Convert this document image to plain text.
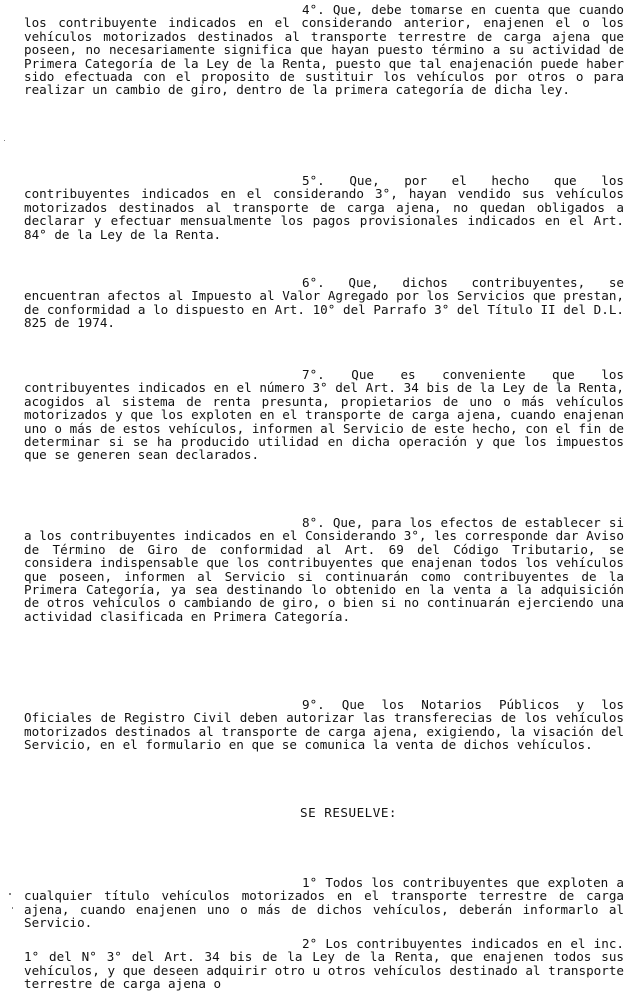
4°. Que, debe tomarse en cuenta que cuando los contribuyente indicados en el considerando anterior, enajenen el o los vehículos motorizados destinados al transporte terrestre de carga ajena que poseen, no necesariamente significa que hayan puesto término a su actividad de Primera Categoría de la Ley de la Renta, puesto que tal enajenación puede haber sido efectuada con el proposito de sustituir los vehículos por otros o para realizar un cambio de giro, dentro de la primera categoría de dicha ley.
5°. Que, por el hecho que los contribuyentes indicados en el considerando 3°, hayan vendido sus vehículos motorizados destinados al transporte de carga ajena, no quedan obligados a declarar y efectuar mensualmente los pagos provisionales indicados en el Art. 84° de la Ley de la Renta.
6°. Que, dichos contribuyentes, se encuentran afectos al Impuesto al Valor Agregado por los Servicios que prestan, de conformidad a lo dispuesto en Art. 10° del Parrafo 3° del Título II del D.L. 825 de 1974.
7°. Que es conveniente que los contribuyentes indicados en el número 3° del Art. 34 bis de la Ley de la Renta, acogidos al sistema de renta presunta, propietarios de uno o más vehículos motorizados y que los exploten en el transporte de carga ajena, cuando enajenan uno o más de estos vehículos, informen al Servicio de este hecho, con el fin de determinar si se ha producido utilidad en dicha operación y que los impuestos que se generen sean declarados.
8°. Que, para los efectos de establecer si a los contribuyentes indicados en el Considerando 3°, les corresponde dar Aviso de Término de Giro de conformidad al Art. 69 del Código Tributario, se considera indispensable que los contribuyentes que enajenan todos los vehículos que poseen, informen al Servicio si continuarán como contribuyentes de la Primera Categoría, ya sea destinando lo obtenido en la venta a la adquisición de otros vehículos o cambiando de giro, o bien si no continuarán ejerciendo una actividad clasificada en Primera Categoría.
9°. Que los Notarios Públicos y los Oficiales de Registro Civil deben autorizar las transferecias de los vehículos motorizados destinados al transporte de carga ajena, exigiendo, la visación del Servicio, en el formulario en que se comunica la venta de dichos vehículos.
SE RESUELVE:
1° Todos los contribuyentes que exploten a cualquier título vehículos motorizados en el transporte terrestre de carga ajena, cuando enajenen uno o más de dichos vehículos, deberán informarlo al Servicio.
2° Los contribuyentes indicados en el inc. 1° del N° 3° del Art. 34 bis de la Ley de la Renta, que enajenen todos sus vehículos, y que deseen adquirir otro u otros vehículos destinado al transporte terrestre de carga ajena o
